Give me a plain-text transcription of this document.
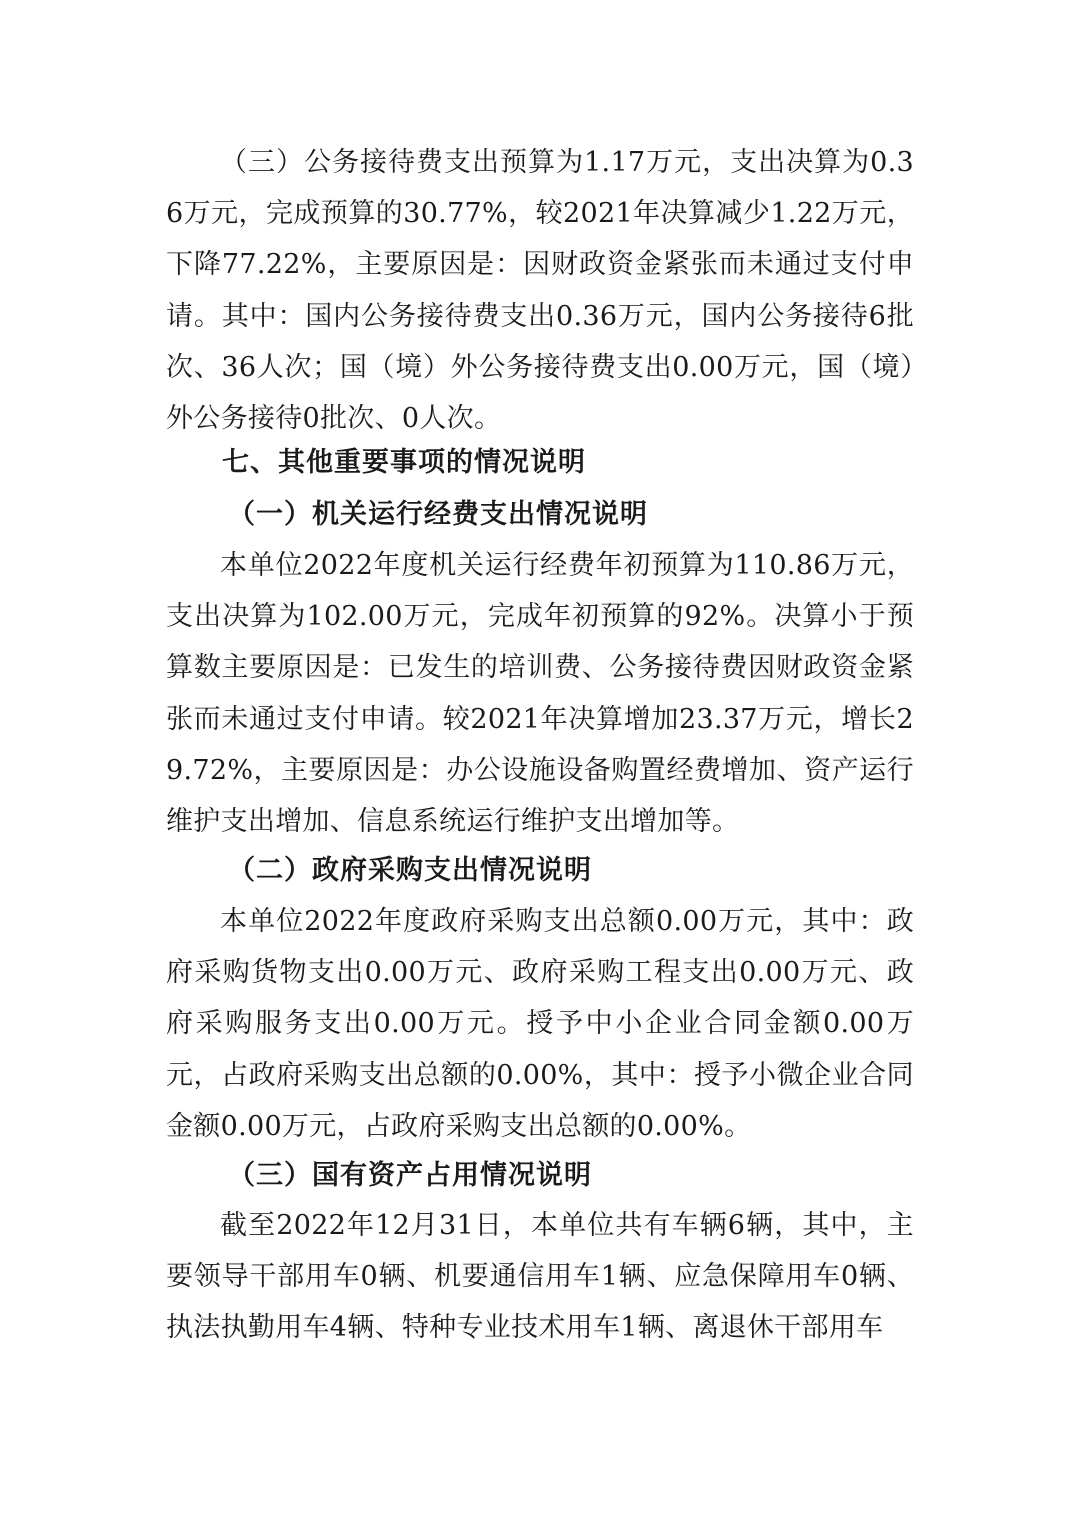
（三）公务接待费支出预算为1.17万元，支出决算为0.36万元，完成预算的30.77%，较2021年决算减少1.22万元，下降77.22%，主要原因是：因财政资金紧张而未通过支付申请。其中：国内公务接待费支出0.36万元，国内公务接待6批次、36人次；国（境）外公务接待费支出0.00万元，国（境）外公务接待0批次、0人次。

七、其他重要事项的情况说明

（一）机关运行经费支出情况说明

本单位2022年度机关运行经费年初预算为110.86万元，支出决算为102.00万元，完成年初预算的92%。决算小于预算数主要原因是：已发生的培训费、公务接待费因财政资金紧张而未通过支付申请。较2021年决算增加23.37万元，增长29.72%，主要原因是：办公设施设备购置经费增加、资产运行维护支出增加、信息系统运行维护支出增加等。

（二）政府采购支出情况说明

本单位2022年度政府采购支出总额0.00万元，其中：政府采购货物支出0.00万元、政府采购工程支出0.00万元、政府采购服务支出0.00万元。授予中小企业合同金额0.00万元，占政府采购支出总额的0.00%，其中：授予小微企业合同金额0.00万元，占政府采购支出总额的0.00%。

（三）国有资产占用情况说明

截至2022年12月31日，本单位共有车辆6辆，其中，主要领导干部用车0辆、机要通信用车1辆、应急保障用车0辆、执法执勤用车4辆、特种专业技术用车1辆、离退休干部用车
